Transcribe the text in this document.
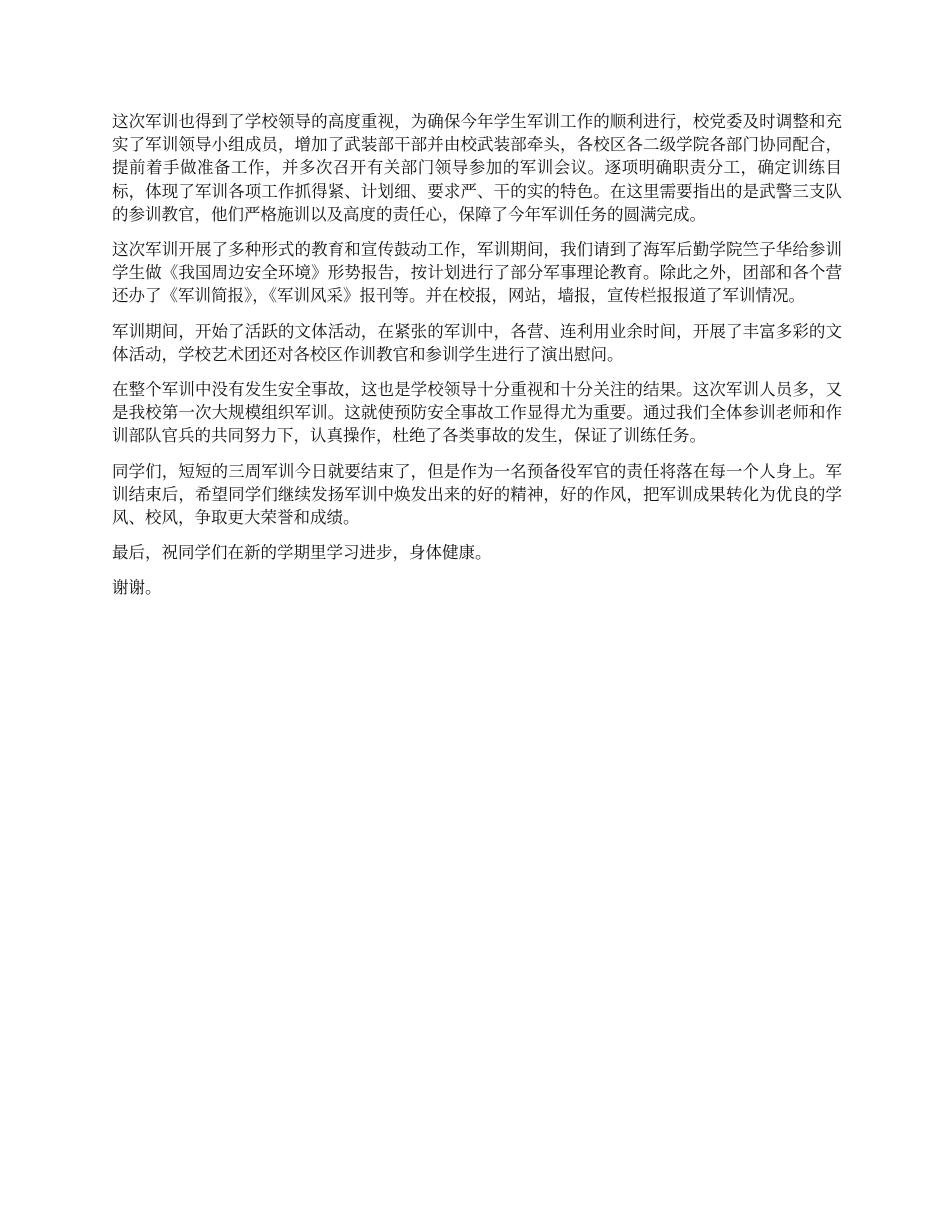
这次军训也得到了学校领导的高度重视，为确保今年学生军训工作的顺利进行，校党委及时调整和充实了军训领导小组成员，增加了武装部干部并由校武装部牵头，各校区各二级学院各部门协同配合，提前着手做准备工作，并多次召开有关部门领导参加的军训会议。逐项明确职责分工，确定训练目标，体现了军训各项工作抓得紧、计划细、要求严、干的实的特色。在这里需要指出的是武警三支队的参训教官，他们严格施训以及高度的责任心，保障了今年军训任务的圆满完成。

这次军训开展了多种形式的教育和宣传鼓动工作，军训期间，我们请到了海军后勤学院竺子华给参训学生做《我国周边安全环境》形势报告，按计划进行了部分军事理论教育。除此之外，团部和各个营还办了《军训简报》，《军训风采》报刊等。并在校报，网站，墙报，宣传栏报报道了军训情况。

军训期间，开始了活跃的文体活动，在紧张的军训中，各营、连利用业余时间，开展了丰富多彩的文体活动，学校艺术团还对各校区作训教官和参训学生进行了演出慰问。

在整个军训中没有发生安全事故，这也是学校领导十分重视和十分关注的结果。这次军训人员多，又是我校第一次大规模组织军训。这就使预防安全事故工作显得尤为重要。通过我们全体参训老师和作训部队官兵的共同努力下，认真操作，杜绝了各类事故的发生，保证了训练任务。

同学们，短短的三周军训今日就要结束了，但是作为一名预备役军官的责任将落在每一个人身上。军训结束后，希望同学们继续发扬军训中焕发出来的好的精神，好的作风，把军训成果转化为优良的学风、校风，争取更大荣誉和成绩。

最后，祝同学们在新的学期里学习进步，身体健康。

谢谢。
